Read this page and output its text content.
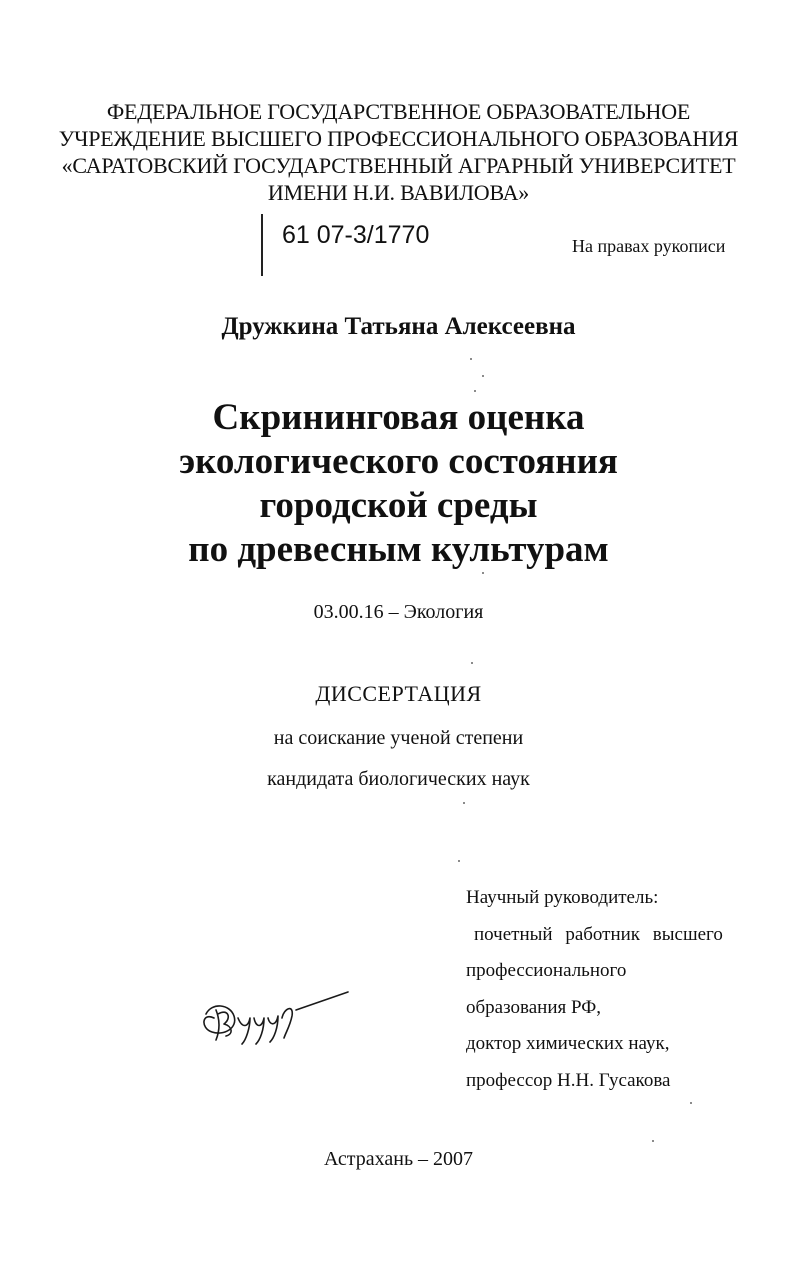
ФЕДЕРАЛЬНОЕ ГОСУДАРСТВЕННОЕ ОБРАЗОВАТЕЛЬНОЕ
УЧРЕЖДЕНИЕ ВЫСШЕГО ПРОФЕССИОНАЛЬНОГО ОБРАЗОВАНИЯ
«САРАТОВСКИЙ ГОСУДАРСТВЕННЫЙ АГРАРНЫЙ УНИВЕРСИТЕТ
ИМЕНИ Н.И. ВАВИЛОВА»
61 07-3/1770	На правах рукописи
Дружкина Татьяна Алексеевна
Скрининговая оценка
экологического состояния
городской среды
по древесным культурам
03.00.16 – Экология
ДИССЕРТАЦИЯ
на соискание ученой степени
кандидата биологических наук
Научный руководитель:
почетный работник высшего
профессионального
образования РФ,
доктор химических наук,
профессор Н.Н. Гусакова
Астрахань – 2007
